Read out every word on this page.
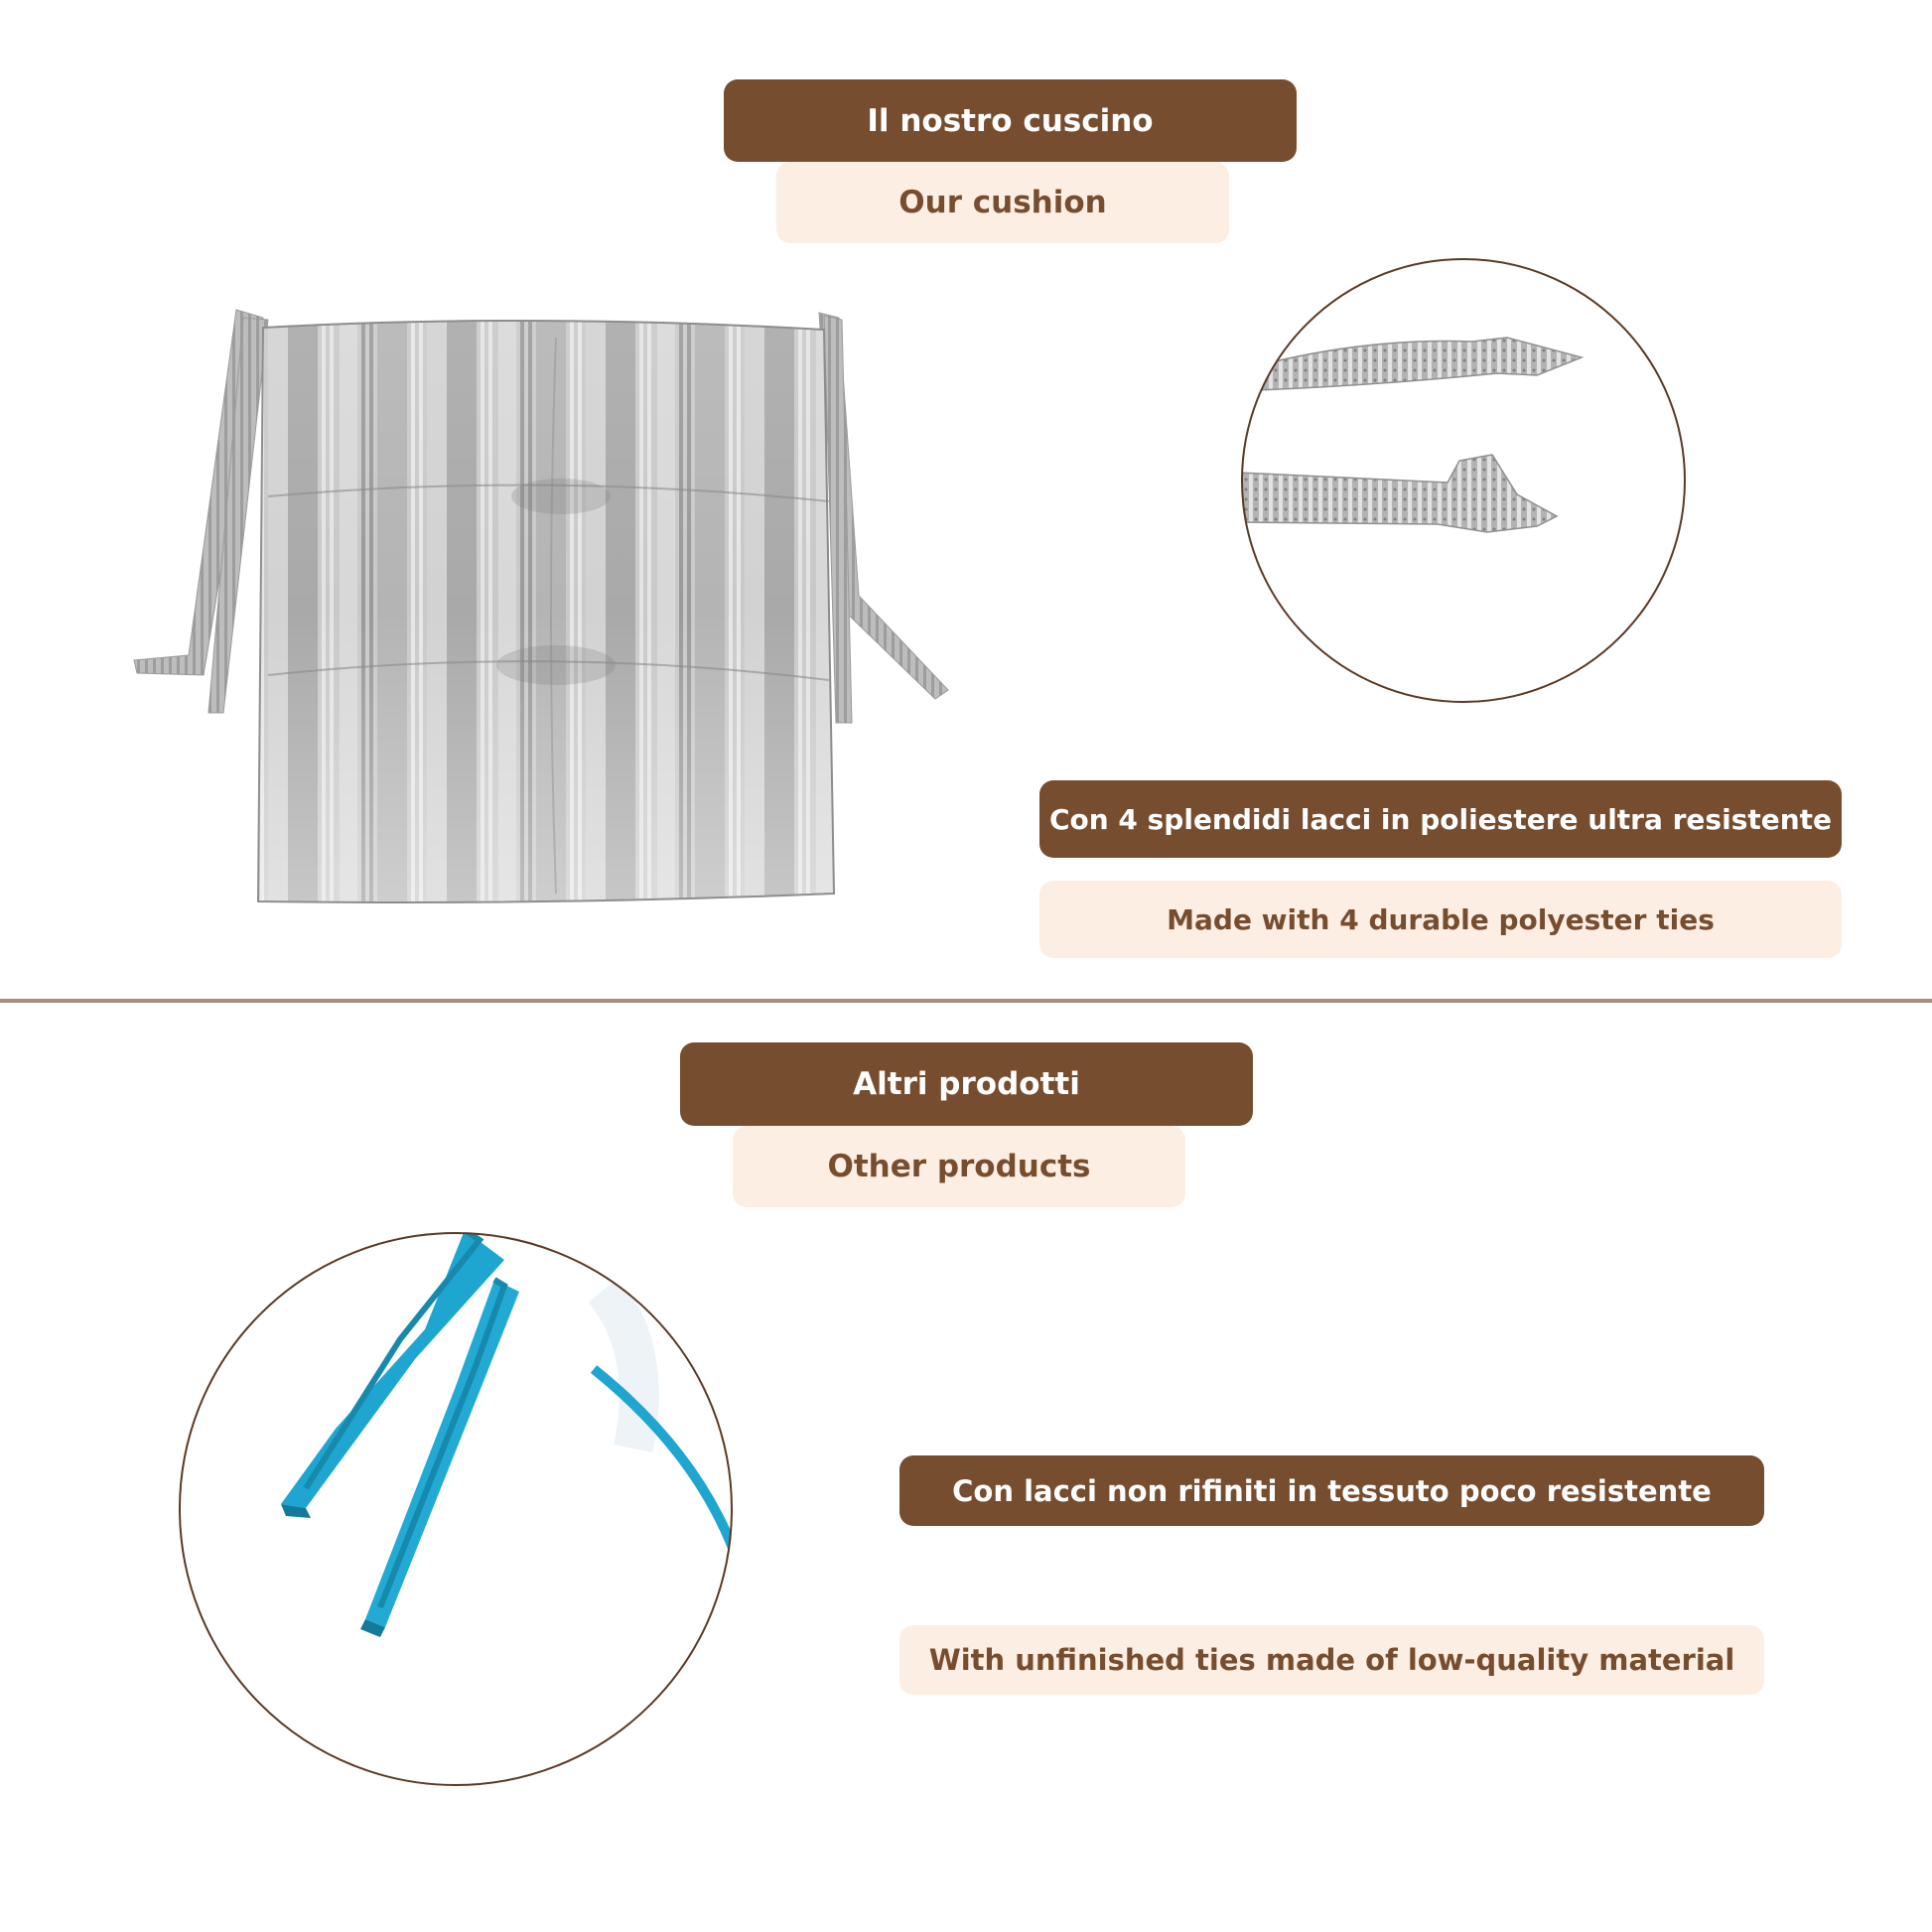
Il nostro cuscino
Our cushion
Con 4 splendidi lacci in poliestere ultra resistente
Made with 4 durable polyester ties
Altri prodotti
Other products
Con lacci non rifiniti in tessuto poco resistente
With unfinished ties made of low-quality material
